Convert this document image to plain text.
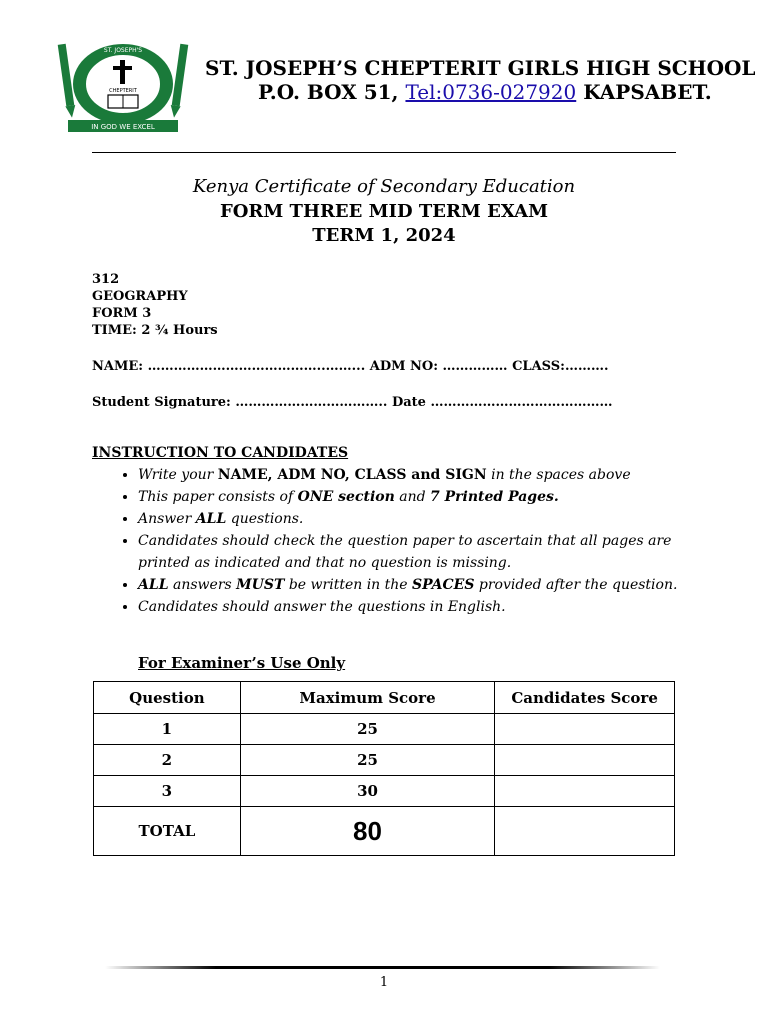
ST. JOSEPH'S
CHEPTERIT
IN GOD WE EXCEL
ST. JOSEPH’S CHEPTERIT GIRLS HIGH SCHOOL
P.O. BOX 51, Tel:0736-027920 KAPSABET.
Kenya Certificate of Secondary Education
FORM THREE MID TERM EXAM
TERM 1, 2024
312
GEOGRAPHY
FORM 3
TIME: 2 ¾ Hours
NAME: …………………………………..……... ADM NO: …………… CLASS:……….
Student Signature: …………………………….. Date ……………………………………
INSTRUCTION TO CANDIDATES
• Write your NAME, ADM NO, CLASS and SIGN in the spaces above
• This paper consists of ONE section and 7 Printed Pages.
• Answer ALL questions.
• Candidates should check the question paper to ascertain that all pages are printed as indicated and that no question is missing.
• ALL answers MUST be written in the SPACES provided after the question.
• Candidates should answer the questions in English.
For Examiner’s Use Only
Question	Maximum Score	Candidates Score
1	25	
2	25	
3	30	
TOTAL	80	
1
